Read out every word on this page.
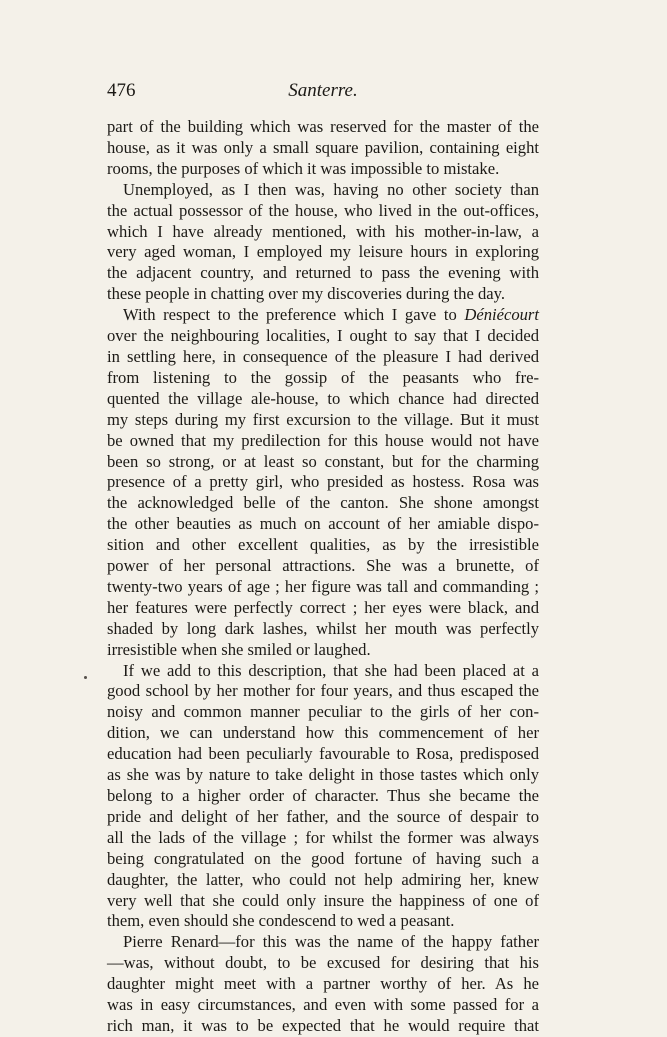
476	Santerre.
part of the building which was reserved for the master of the
house, as it was only a small square pavilion, containing eight
rooms, the purposes of which it was impossible to mistake.
Unemployed, as I then was, having no other society than
the actual possessor of the house, who lived in the out-offices,
which I have already mentioned, with his mother-in-law, a
very aged woman, I employed my leisure hours in exploring
the adjacent country, and returned to pass the evening with
these people in chatting over my discoveries during the day.
With respect to the preference which I gave to Déniécourt
over the neighbouring localities, I ought to say that I decided
in settling here, in consequence of the pleasure I had derived
from listening to the gossip of the peasants who fre-
quented the village ale-house, to which chance had directed
my steps during my first excursion to the village. But it must
be owned that my predilection for this house would not have
been so strong, or at least so constant, but for the charming
presence of a pretty girl, who presided as hostess. Rosa was
the acknowledged belle of the canton. She shone amongst
the other beauties as much on account of her amiable dispo-
sition and other excellent qualities, as by the irresistible
power of her personal attractions. She was a brunette, of
twenty-two years of age ; her figure was tall and commanding ;
her features were perfectly correct ; her eyes were black, and
shaded by long dark lashes, whilst her mouth was perfectly
irresistible when she smiled or laughed.
If we add to this description, that she had been placed at a
good school by her mother for four years, and thus escaped the
noisy and common manner peculiar to the girls of her con-
dition, we can understand how this commencement of her
education had been peculiarly favourable to Rosa, predisposed
as she was by nature to take delight in those tastes which only
belong to a higher order of character. Thus she became the
pride and delight of her father, and the source of despair to
all the lads of the village ; for whilst the former was always
being congratulated on the good fortune of having such a
daughter, the latter, who could not help admiring her, knew
very well that she could only insure the happiness of one of
them, even should she condescend to wed a peasant.
Pierre Renard—for this was the name of the happy father
—was, without doubt, to be excused for desiring that his
daughter might meet with a partner worthy of her. As he
was in easy circumstances, and even with some passed for a
rich man, it was to be expected that he would require that
